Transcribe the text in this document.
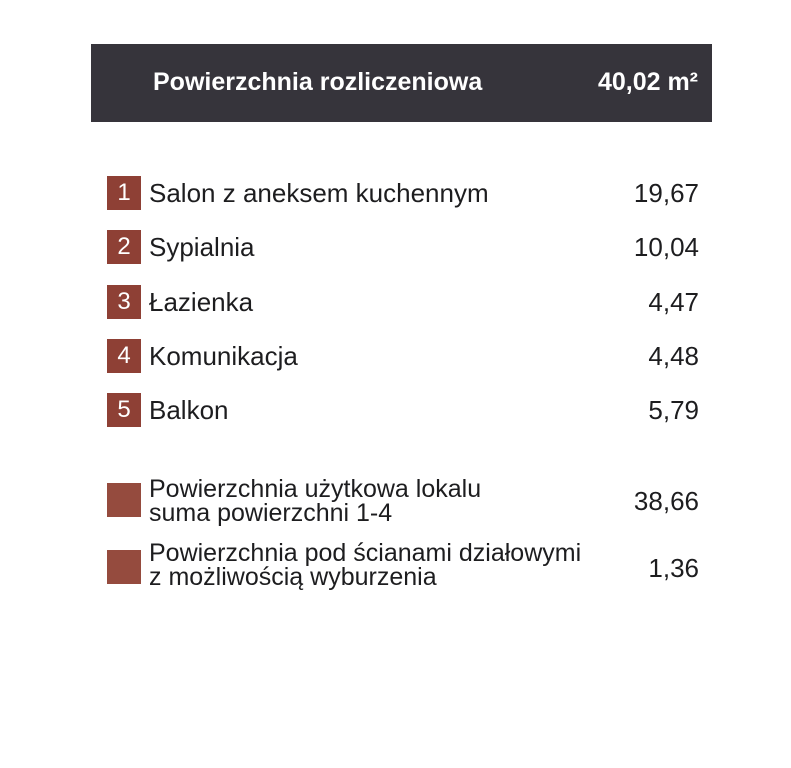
Powierzchnia rozliczeniowa	40,02 m²
1 Salon z aneksem kuchennym	19,67
2 Sypialnia	10,04
3 Łazienka	4,47
4 Komunikacja	4,48
5 Balkon	5,79
Powierzchnia użytkowa lokalu
suma powierzchni 1-4	38,66
Powierzchnia pod ścianami działowymi
z możliwością wyburzenia	1,36
